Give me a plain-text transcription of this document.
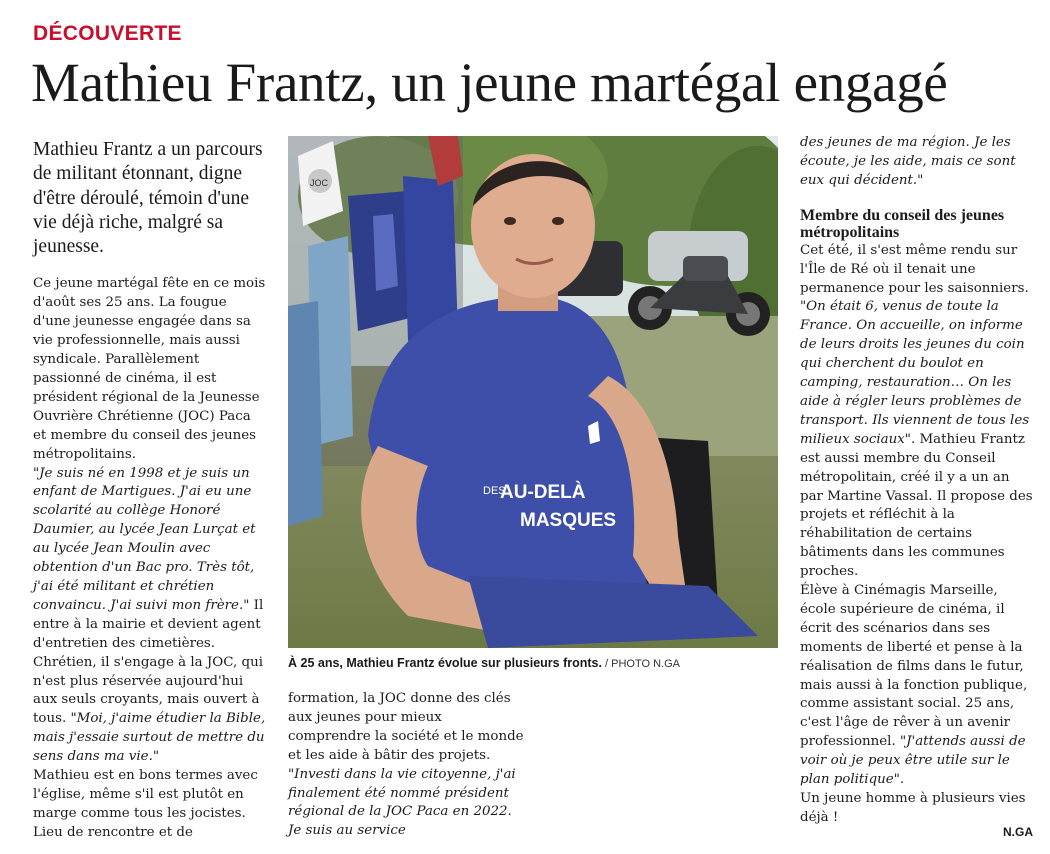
DÉCOUVERTE
Mathieu Frantz, un jeune martégal engagé

Mathieu Frantz a un parcours de militant étonnant, digne d'être déroulé, témoin d'une vie déjà riche, malgré sa jeunesse.

Ce jeune martégal fête en ce mois d'août ses 25 ans. La fougue d'une jeunesse engagée dans sa vie professionnelle, mais aussi syndicale. Parallèlement passionné de cinéma, il est président régional de la Jeunesse Ouvrière Chrétienne (JOC) Paca et membre du conseil des jeunes métropolitains.

"Je suis né en 1998 et je suis un enfant de Martigues. J'ai eu une scolarité au collège Honoré Daumier, au lycée Jean Lurçat et au lycée Jean Moulin avec obtention d'un Bac pro. Très tôt, j'ai été militant et chrétien convaincu. J'ai suivi mon frère." Il entre à la mairie et devient agent d'entretien des cimetières. Chrétien, il s'engage à la JOC, qui n'est plus réservée aujourd'hui aux seuls croyants, mais ouvert à tous. "Moi, j'aime étudier la Bible, mais j'essaie surtout de mettre du sens dans ma vie."

Mathieu est en bons termes avec l'église, même s'il est plutôt en marge comme tous les jocistes. Lieu de rencontre et de

JOC
DES
AU-DELÀ
MASQUES
À 25 ans, Mathieu Frantz évolue sur plusieurs fronts. / PHOTO N.GA

formation, la JOC donne des clés aux jeunes pour mieux comprendre la société et le monde et les aide à bâtir des projets. "Investi dans la vie citoyenne, j'ai finalement été nommé président régional de la JOC Paca en 2022. Je suis au service

des jeunes de ma région. Je les écoute, je les aide, mais ce sont eux qui décident."

Membre du conseil des jeunes métropolitains

Cet été, il s'est même rendu sur l'Île de Ré où il tenait une permanence pour les saisonniers. "On était 6, venus de toute la France. On accueille, on informe de leurs droits les jeunes du coin qui cherchent du boulot en camping, restauration… On les aide à régler leurs problèmes de transport. Ils viennent de tous les milieux sociaux". Mathieu Frantz est aussi membre du Conseil métropolitain, créé il y a un an par Martine Vassal. Il propose des projets et réfléchit à la réhabilitation de certains bâtiments dans les communes proches.

Élève à Cinémagis Marseille, école supérieure de cinéma, il écrit des scénarios dans ses moments de liberté et pense à la réalisation de films dans le futur, mais aussi à la fonction publique, comme assistant social. 25 ans, c'est l'âge de rêver à un avenir professionnel. "J'attends aussi de voir où je peux être utile sur le plan politique".

Un jeune homme à plusieurs vies déjà !

N.GA
